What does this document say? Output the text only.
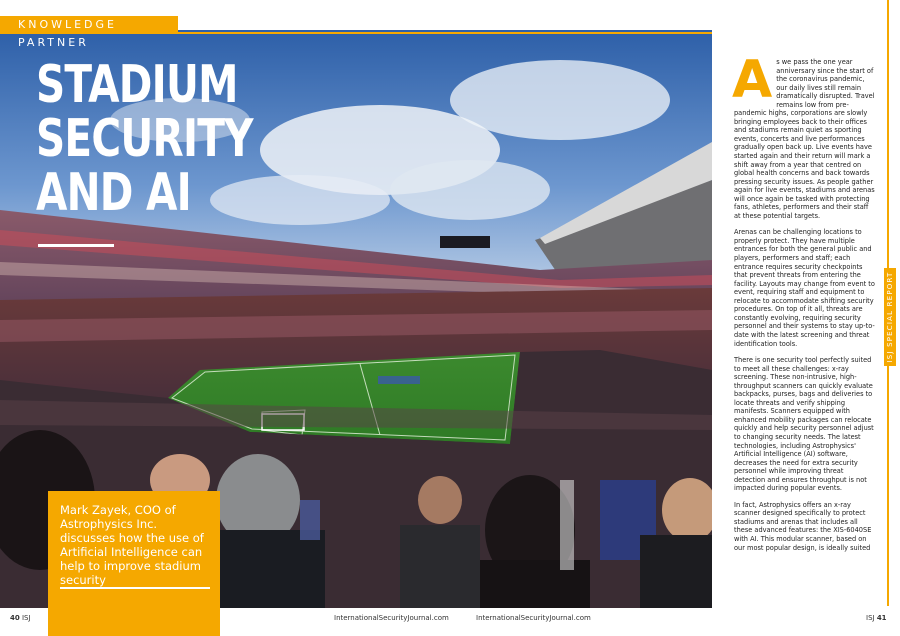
KNOWLEDGE PARTNER
STADIUM
SECURITY
AND AI
Mark Zayek, COO of Astrophysics Inc. discusses how the use of Artificial Intelligence can help to improve stadium security

As we pass the one year anniversary since the start of the coronavirus pandemic, our daily lives still remain dramatically disrupted. Travel remains low from pre-pandemic highs, corporations are slowly bringing employees back to their offices and stadiums remain quiet as sporting events, concerts and live performances gradually open back up. Live events have started again and their return will mark a shift away from a year that centred on global health concerns and back towards pressing security issues. As people gather again for live events, stadiums and arenas will once again be tasked with protecting fans, athletes, performers and their staff at these potential targets.

Arenas can be challenging locations to properly protect. They have multiple entrances for both the general public and players, performers and staff; each entrance requires security checkpoints that prevent threats from entering the facility. Layouts may change from event to event, requiring staff and equipment to relocate to accommodate shifting security procedures. On top of it all, threats are constantly evolving, requiring security personnel and their systems to stay up-to-date with the latest screening and threat identification tools.

There is one security tool perfectly suited to meet all these challenges: x-ray screening. These non-intrusive, high-throughput scanners can quickly evaluate backpacks, purses, bags and deliveries to locate threats and verify shipping manifests. Scanners equipped with enhanced mobility packages can relocate quickly and help security personnel adjust to changing security needs. The latest technologies, including Astrophysics' Artificial Intelligence (AI) software, decreases the need for extra security personnel while improving threat detection and ensures throughput is not impacted during popular events.

In fact, Astrophysics offers an x-ray scanner designed specifically to protect stadiums and arenas that includes all these advanced features: the XIS-6040SE with AI. This modular scanner, based on our most popular design, is ideally suited

ISJ SPECIAL REPORT
40 ISJ	InternationalSecurityJournal.com	InternationalSecurityJournal.com	ISJ 41
